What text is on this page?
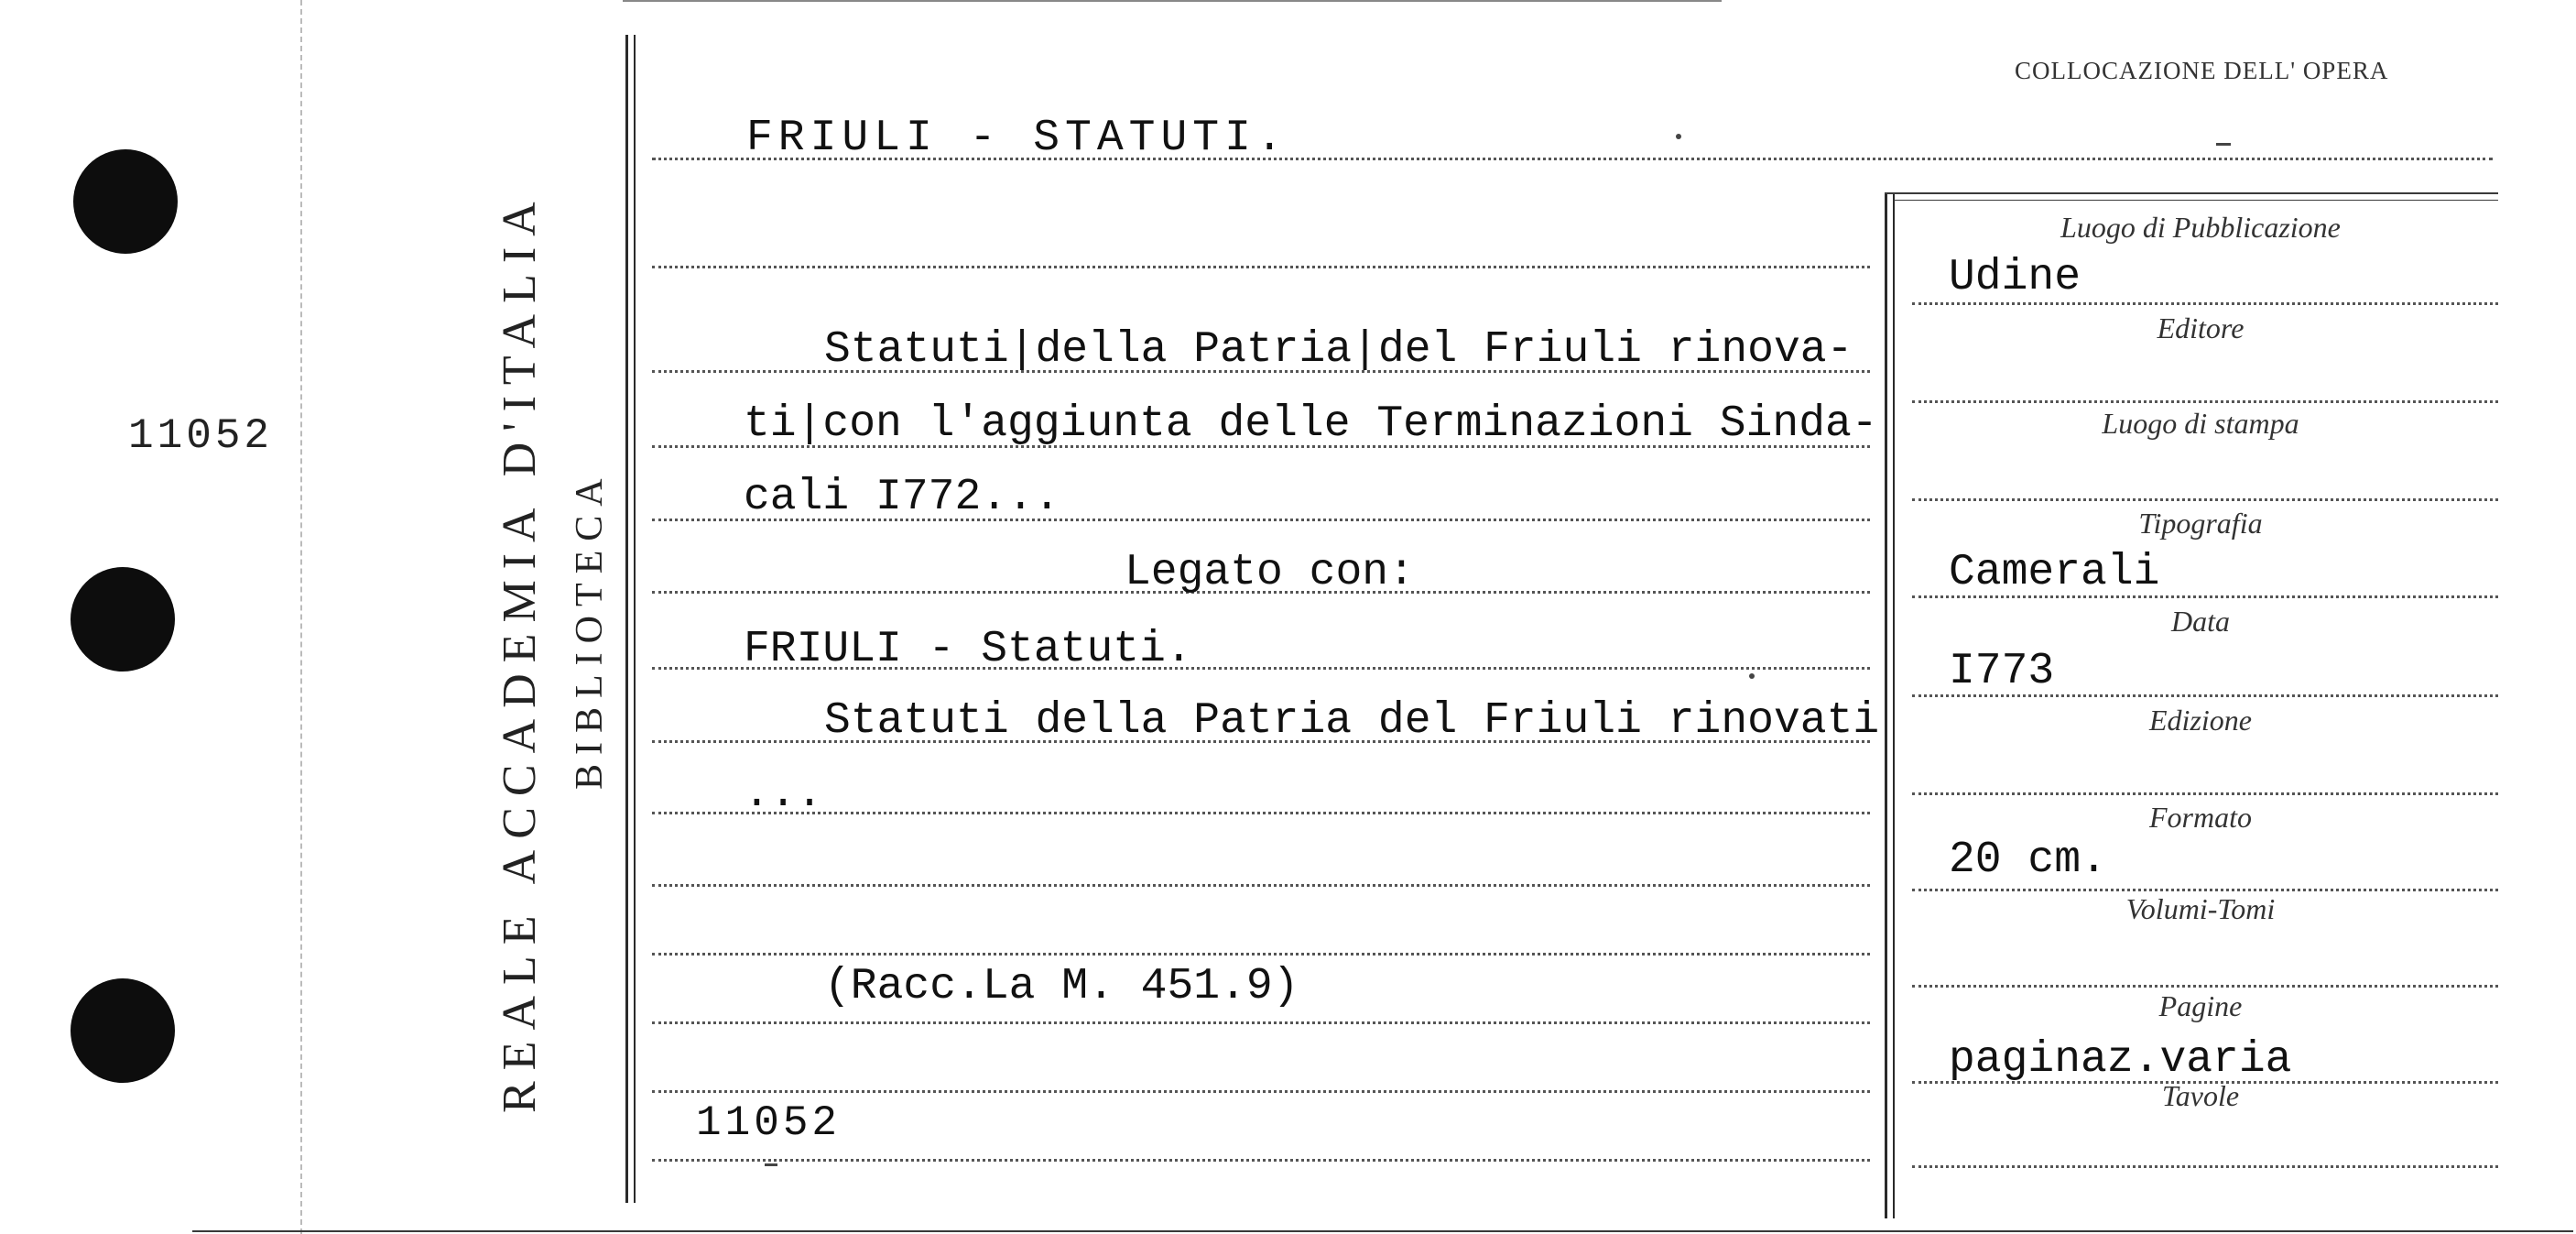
11052	REALE ACCADEMIA D'ITALIA BIBLIOTECA
COLLOCAZIONE DELL' OPERA
FRIULI - STATUTI.
Statuti|della Patria|del Friuli rinova-
ti|con l'aggiunta delle Terminazioni Sinda-
cali I772...
Legato con:
FRIULI - Statuti.
Statuti della Patria del Friuli rinovati
...
(Racc.La M. 451.9)
11052
Luogo di Pubblicazione
Udine
Editore
Luogo di stampa
Tipografia
Camerali
Data
I773
Edizione
Formato
20 cm.
Volumi-Tomi
Pagine
paginaz.varia
Tavole
